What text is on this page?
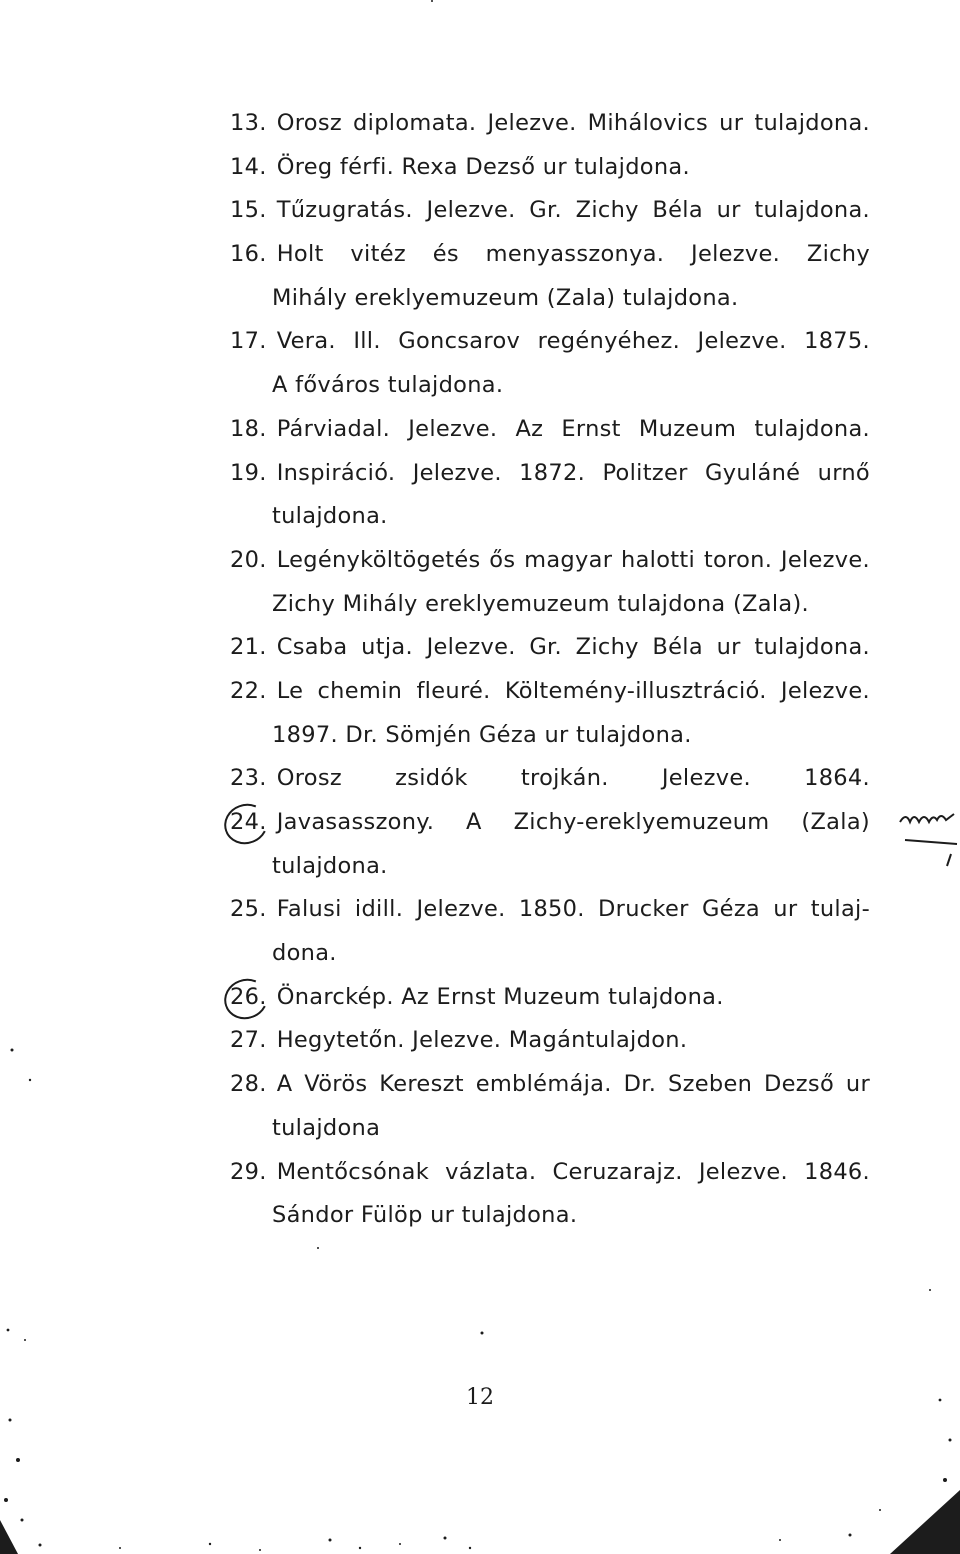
13. Orosz diplomata. Jelezve. Mihálovics ur tulajdona.
14. Öreg férfi. Rexa Dezső ur tulajdona.
15. Tűzugratás. Jelezve. Gr. Zichy Béla ur tulajdona.
16. Holt vitéz és menyasszonya. Jelezve. Zichy
Mihály ereklyemuzeum (Zala) tulajdona.
17. Vera. Ill. Goncsarov regényéhez. Jelezve. 1875.
A főváros tulajdona.
18. Párviadal. Jelezve. Az Ernst Muzeum tulajdona.
19. Inspiráció. Jelezve. 1872. Politzer Gyuláné urnő
tulajdona.
20. Legényköltögetés ős magyar halotti toron. Jelezve.
Zichy Mihály ereklyemuzeum tulajdona (Zala).
21. Csaba utja. Jelezve. Gr. Zichy Béla ur tulajdona.
22. Le chemin fleuré. Költemény-illusztráció. Jelezve.
1897. Dr. Sömjén Géza ur tulajdona.
23. Orosz zsidók trojkán. Jelezve. 1864.
24. Javasasszony. A Zichy-ereklyemuzeum (Zala)
tulajdona.
25. Falusi idill. Jelezve. 1850. Drucker Géza ur tulaj-
dona.
26. Önarckép. Az Ernst Muzeum tulajdona.
27. Hegytetőn. Jelezve. Magántulajdon.
28. A Vörös Kereszt emblémája. Dr. Szeben Dezső ur
tulajdona
29. Mentőcsónak vázlata. Ceruzarajz. Jelezve. 1846.
Sándor Fülöp ur tulajdona.
12
